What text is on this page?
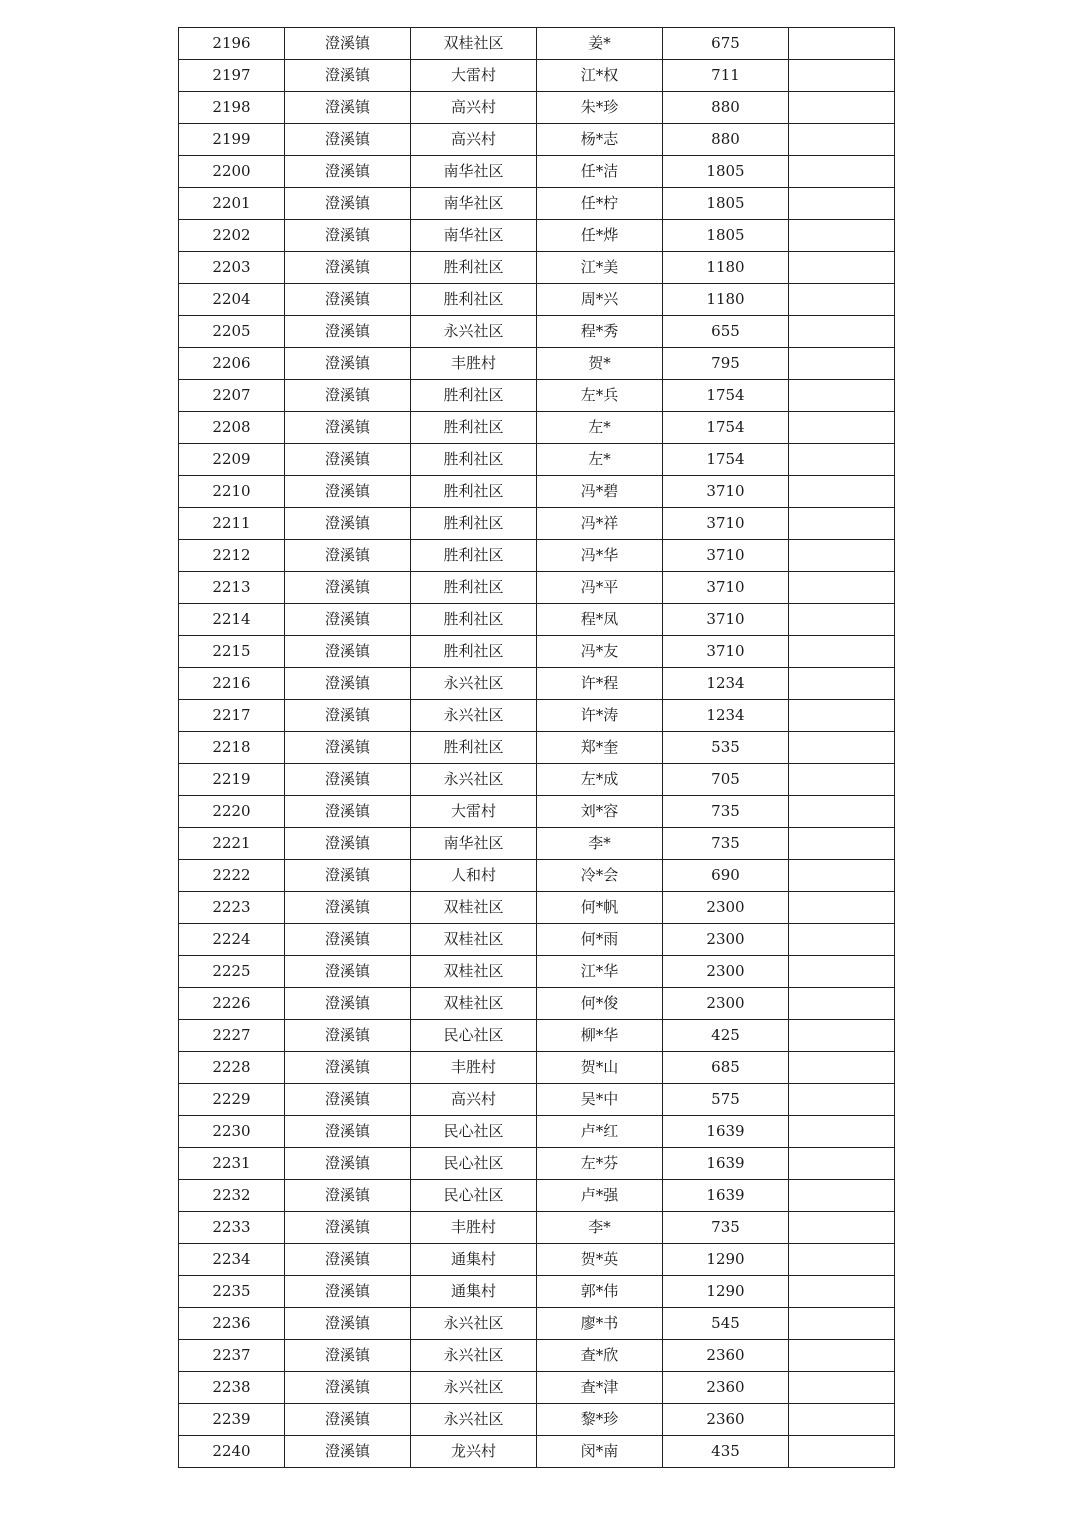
2196	澄溪镇	双桂社区	姜*	675	
2197	澄溪镇	大雷村	江*权	711	
2198	澄溪镇	高兴村	朱*珍	880	
2199	澄溪镇	高兴村	杨*志	880	
2200	澄溪镇	南华社区	任*洁	1805	
2201	澄溪镇	南华社区	任*柠	1805	
2202	澄溪镇	南华社区	任*烨	1805	
2203	澄溪镇	胜利社区	江*美	1180	
2204	澄溪镇	胜利社区	周*兴	1180	
2205	澄溪镇	永兴社区	程*秀	655	
2206	澄溪镇	丰胜村	贺*	795	
2207	澄溪镇	胜利社区	左*兵	1754	
2208	澄溪镇	胜利社区	左*	1754	
2209	澄溪镇	胜利社区	左*	1754	
2210	澄溪镇	胜利社区	冯*碧	3710	
2211	澄溪镇	胜利社区	冯*祥	3710	
2212	澄溪镇	胜利社区	冯*华	3710	
2213	澄溪镇	胜利社区	冯*平	3710	
2214	澄溪镇	胜利社区	程*凤	3710	
2215	澄溪镇	胜利社区	冯*友	3710	
2216	澄溪镇	永兴社区	许*程	1234	
2217	澄溪镇	永兴社区	许*涛	1234	
2218	澄溪镇	胜利社区	郑*奎	535	
2219	澄溪镇	永兴社区	左*成	705	
2220	澄溪镇	大雷村	刘*容	735	
2221	澄溪镇	南华社区	李*	735	
2222	澄溪镇	人和村	冷*会	690	
2223	澄溪镇	双桂社区	何*帆	2300	
2224	澄溪镇	双桂社区	何*雨	2300	
2225	澄溪镇	双桂社区	江*华	2300	
2226	澄溪镇	双桂社区	何*俊	2300	
2227	澄溪镇	民心社区	柳*华	425	
2228	澄溪镇	丰胜村	贺*山	685	
2229	澄溪镇	高兴村	吴*中	575	
2230	澄溪镇	民心社区	卢*红	1639	
2231	澄溪镇	民心社区	左*芬	1639	
2232	澄溪镇	民心社区	卢*强	1639	
2233	澄溪镇	丰胜村	李*	735	
2234	澄溪镇	通集村	贺*英	1290	
2235	澄溪镇	通集村	郭*伟	1290	
2236	澄溪镇	永兴社区	廖*书	545	
2237	澄溪镇	永兴社区	查*欣	2360	
2238	澄溪镇	永兴社区	查*津	2360	
2239	澄溪镇	永兴社区	黎*珍	2360	
2240	澄溪镇	龙兴村	闵*南	435	
